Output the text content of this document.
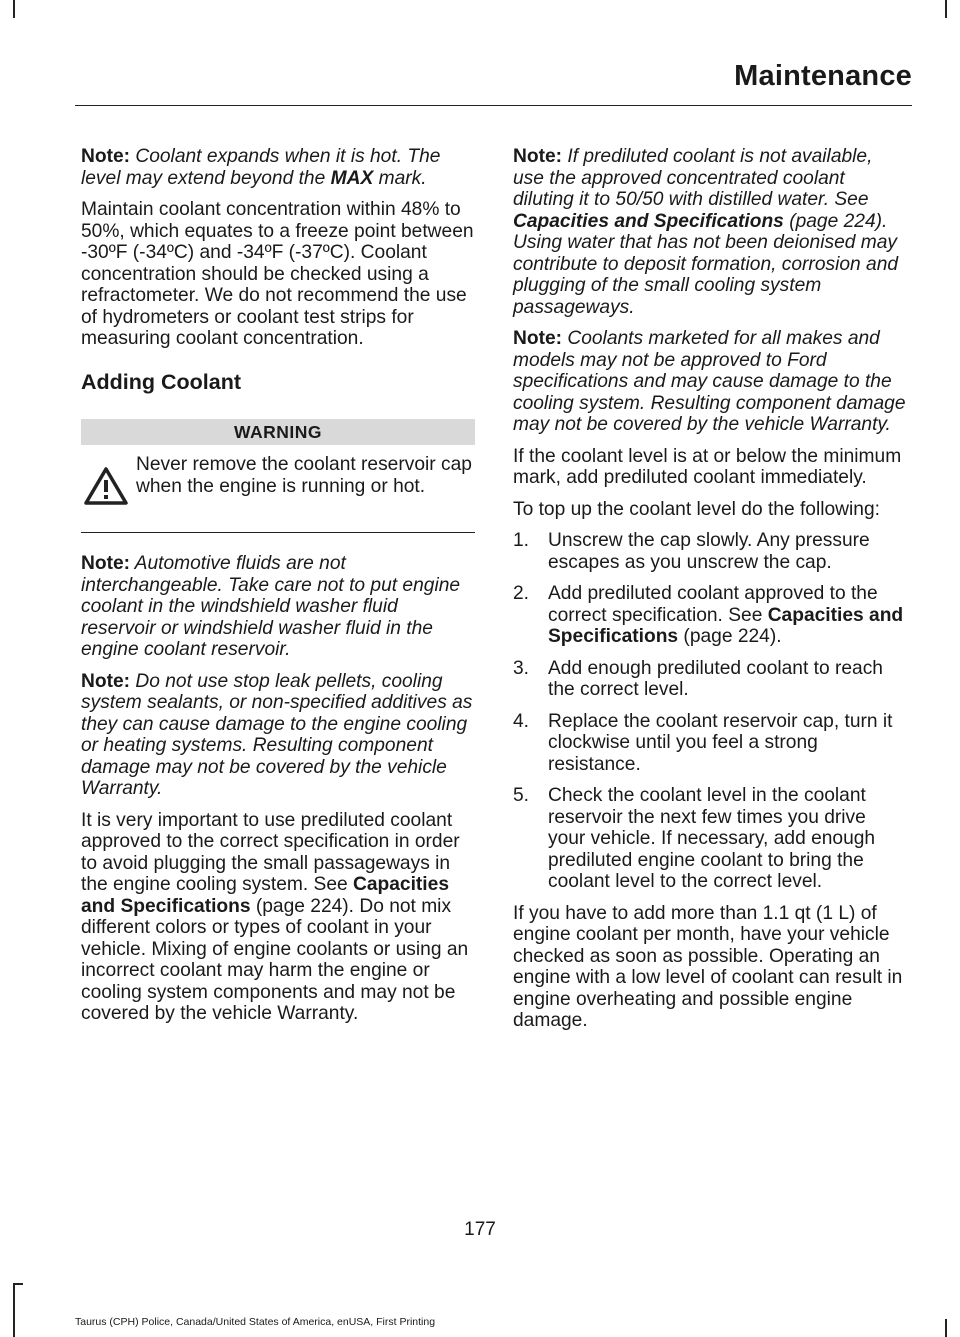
Maintenance

Note: Coolant expands when it is hot. The level may extend beyond the MAX mark.

Maintain coolant concentration within 48% to 50%, which equates to a freeze point between -30ºF (-34ºC) and -34ºF (-37ºC). Coolant concentration should be checked using a refractometer. We do not recommend the use of hydrometers or coolant test strips for measuring coolant concentration.

Adding Coolant
WARNING
Never remove the coolant reservoir cap when the engine is running or hot.

Note: Automotive fluids are not interchangeable. Take care not to put engine coolant in the windshield washer fluid reservoir or windshield washer fluid in the engine coolant reservoir.

Note: Do not use stop leak pellets, cooling system sealants, or non-specified additives as they can cause damage to the engine cooling or heating systems. Resulting component damage may not be covered by the vehicle Warranty.

It is very important to use prediluted coolant approved to the correct specification in order to avoid plugging the small passageways in the engine cooling system. See Capacities and Specifications (page 224). Do not mix different colors or types of coolant in your vehicle. Mixing of engine coolants or using an incorrect coolant may harm the engine or cooling system components and may not be covered by the vehicle Warranty.

Note: If prediluted coolant is not available, use the approved concentrated coolant diluting it to 50/50 with distilled water. See Capacities and Specifications (page 224). Using water that has not been deionised may contribute to deposit formation, corrosion and plugging of the small cooling system passageways.

Note: Coolants marketed for all makes and models may not be approved to Ford specifications and may cause damage to the cooling system. Resulting component damage may not be covered by the vehicle Warranty.

If the coolant level is at or below the minimum mark, add prediluted coolant immediately.

To top up the coolant level do the following:

1. Unscrew the cap slowly. Any pressure escapes as you unscrew the cap.
2. Add prediluted coolant approved to the correct specification. See Capacities and Specifications (page 224).
3. Add enough prediluted coolant to reach the correct level.
4. Replace the coolant reservoir cap, turn it clockwise until you feel a strong resistance.
5. Check the coolant level in the coolant reservoir the next few times you drive your vehicle. If necessary, add enough prediluted engine coolant to bring the coolant level to the correct level.

If you have to add more than 1.1 qt (1 L) of engine coolant per month, have your vehicle checked as soon as possible. Operating an engine with a low level of coolant can result in engine overheating and possible engine damage.

177
Taurus (CPH) Police, Canada/United States of America, enUSA, First Printing
